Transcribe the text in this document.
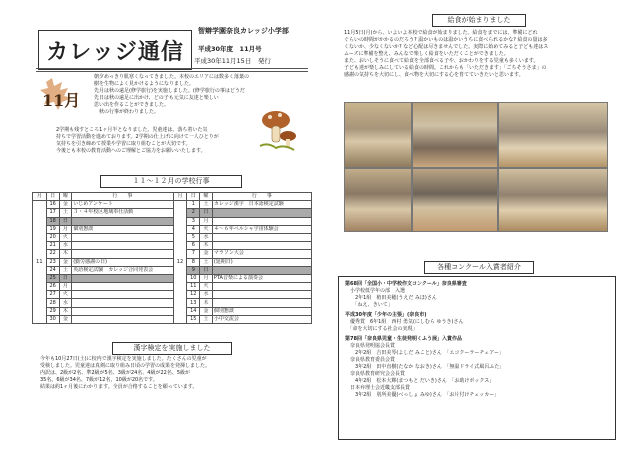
カレッジ通信
智辯学園奈良カレッジ小学部
平成30年度　11月号
平成30年11月15日　発行
11月
朝夕めっきり肌寒くなってきました。本校のエリアには数多く落葉の
樹を生物によく見かけるようになりました。
先月は秋の遠足(修学旅行)を実施しました。(修学旅行の事はどうだ
先日は秋の遠足に出かけ、どの子も元気に友達と楽しい
思い出を作ることができました。
　秋の行事が終わりました。
2学期も残すところ1ヶ月半となりました。児童達は、落ち着いた気
持ちで学習活動を進めております。2学期の仕上げに向けて一人ひとりが
気持ちを引き締めて授業や学習に取り組むことが大切です。
今後とも本校の教育活動へのご理解とご協力をお願いいたします。
１１～１２月の学校行事
月	日	曜	行　　事	月	日	曜	行　　事
11	16	金	いじめアンケート	12	1	土	カレッジ漢字　日本語検定試験
	17	土	３・４年校区地域奉仕活動		2	日	
	18	日			3	月	
	19	月	個別懇談		4	火	４～６年ペルシャ宇宙体験会
	20	火			5	水	
	21	水			6	木	
	22	木			7	金	マラソン大会
	23	金	(勤労感謝の日)		8	土	(延期日)
	24	土	英語検定試験　カレッジ合同発表会		9	日	
	25	日			10	月	PTA音楽による演奏会
	26	月			11	火	
	27	火			12	水	
	28	水			13	木	
	29	木			14	金	個別懇談
	30	金			15	土	小中交流会
漢字検定を実施しました
今年も10月27日(土)に校内で漢字検定を実施しました。たくさんの児童が
受検しました。児童達は真剣に取り組み日頃の学習の成果を発揮しました。
内訳は、2級が2名、準2級が5名、3級が24名、4級が22名、5級が
35名、6級が34名、7級が12名、10級が20名です。
結果は約1ヶ月後にわかります。全員が合格することを願っています。
給食が始まりました
11月5日(月)から、いよいよ本校で給食が始まりました。給食をまでには、準備にどれ
ぐらいの時間がかかるのだろう? 温かいものは温かいうちに食べられるかな? 給食の量は多
くないか、少なくないか? など心配は尽きませんでした。実際に始めてみると子ども達はス
ムーズに準備を整え、みんなで楽しく給食をいただくことができました。
また、おいしそうに食べて給食を全部食べる子や、おかわりをする児童も多くいます。
子ども達が楽しみにしている給食の時間。これからも「いただきます」「ごちそうさま」の
感謝の気持ちを大切にし、食べ物を大切にする心を育てていきたいと思います。
各種コンクール入賞者紹介
第68回「全国小・中学校作文コンクール」奈良県審査
　小学校低学年の部　入選
　　2年1組　植田美穂(うえだ みほ)さん
　　「ねえ、きいて」
平成30年度「少年の主張」(奈良市)
　優秀賞　6年1組　西村 勇気(にしむら ゆうき)さん
　「命を大切にする社会の実現」
第78回「奈良県児童・生徒発明くふう展」入賞作品
　奈良県発明協会長賞
　　2年2組　吉田美琴(よしだ みこと)さん　「エコクーラーチェアー」
　奈良県教育委員会賞
　　3年2組　田中直樹(たなか なおき)さん　「無温ドライ式風呂ふた」
　奈良県教育研究会会長賞
　　4年2組　松本大輝(まつもと だいき)さん　「お助けボックス」
　日本弁理士会近畿支部長賞
　　3年2組　別所美優(べっしょ みゆ)さん　「お片付けチェッカー」
